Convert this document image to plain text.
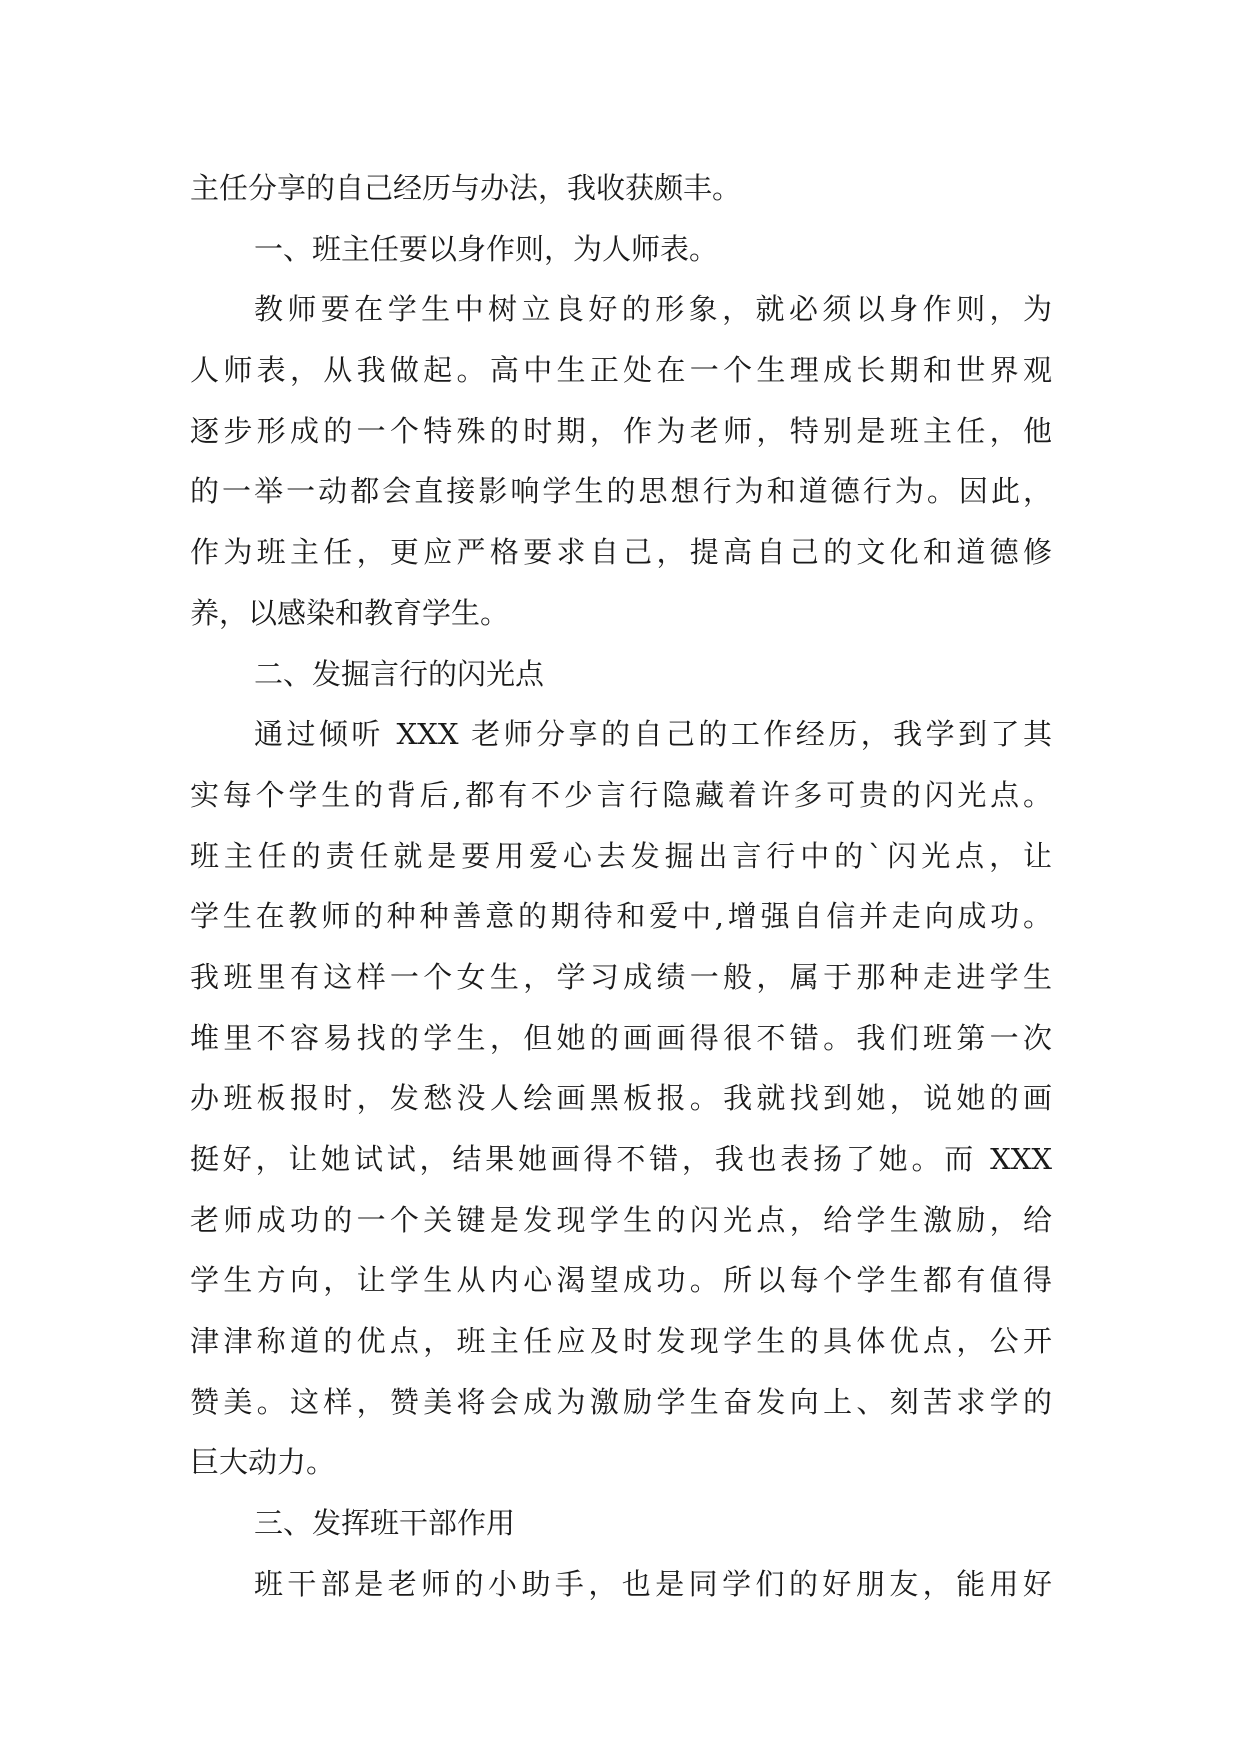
主任分享的自己经历与办法，我收获颇丰。
一、班主任要以身作则，为人师表。
教师要在学生中树立良好的形象，就必须以身作则，为
人师表，从我做起。高中生正处在一个生理成长期和世界观
逐步形成的一个特殊的时期，作为老师，特别是班主任，他
的一举一动都会直接影响学生的思想行为和道德行为。因此，
作为班主任，更应严格要求自己，提高自己的文化和道德修
养，以感染和教育学生。
二、发掘言行的闪光点
通过倾听 XXX 老师分享的自己的工作经历，我学到了其
实每个学生的背后,都有不少言行隐藏着许多可贵的闪光点。
班主任的责任就是要用爱心去发掘出言行中的`闪光点，让
学生在教师的种种善意的期待和爱中,增强自信并走向成功。
我班里有这样一个女生，学习成绩一般，属于那种走进学生
堆里不容易找的学生，但她的画画得很不错。我们班第一次
办班板报时，发愁没人绘画黑板报。我就找到她，说她的画
挺好，让她试试，结果她画得不错，我也表扬了她。而 XXX
老师成功的一个关键是发现学生的闪光点，给学生激励，给
学生方向，让学生从内心渴望成功。所以每个学生都有值得
津津称道的优点，班主任应及时发现学生的具体优点，公开
赞美。这样，赞美将会成为激励学生奋发向上、刻苦求学的
巨大动力。
三、发挥班干部作用
班干部是老师的小助手，也是同学们的好朋友，能用好
